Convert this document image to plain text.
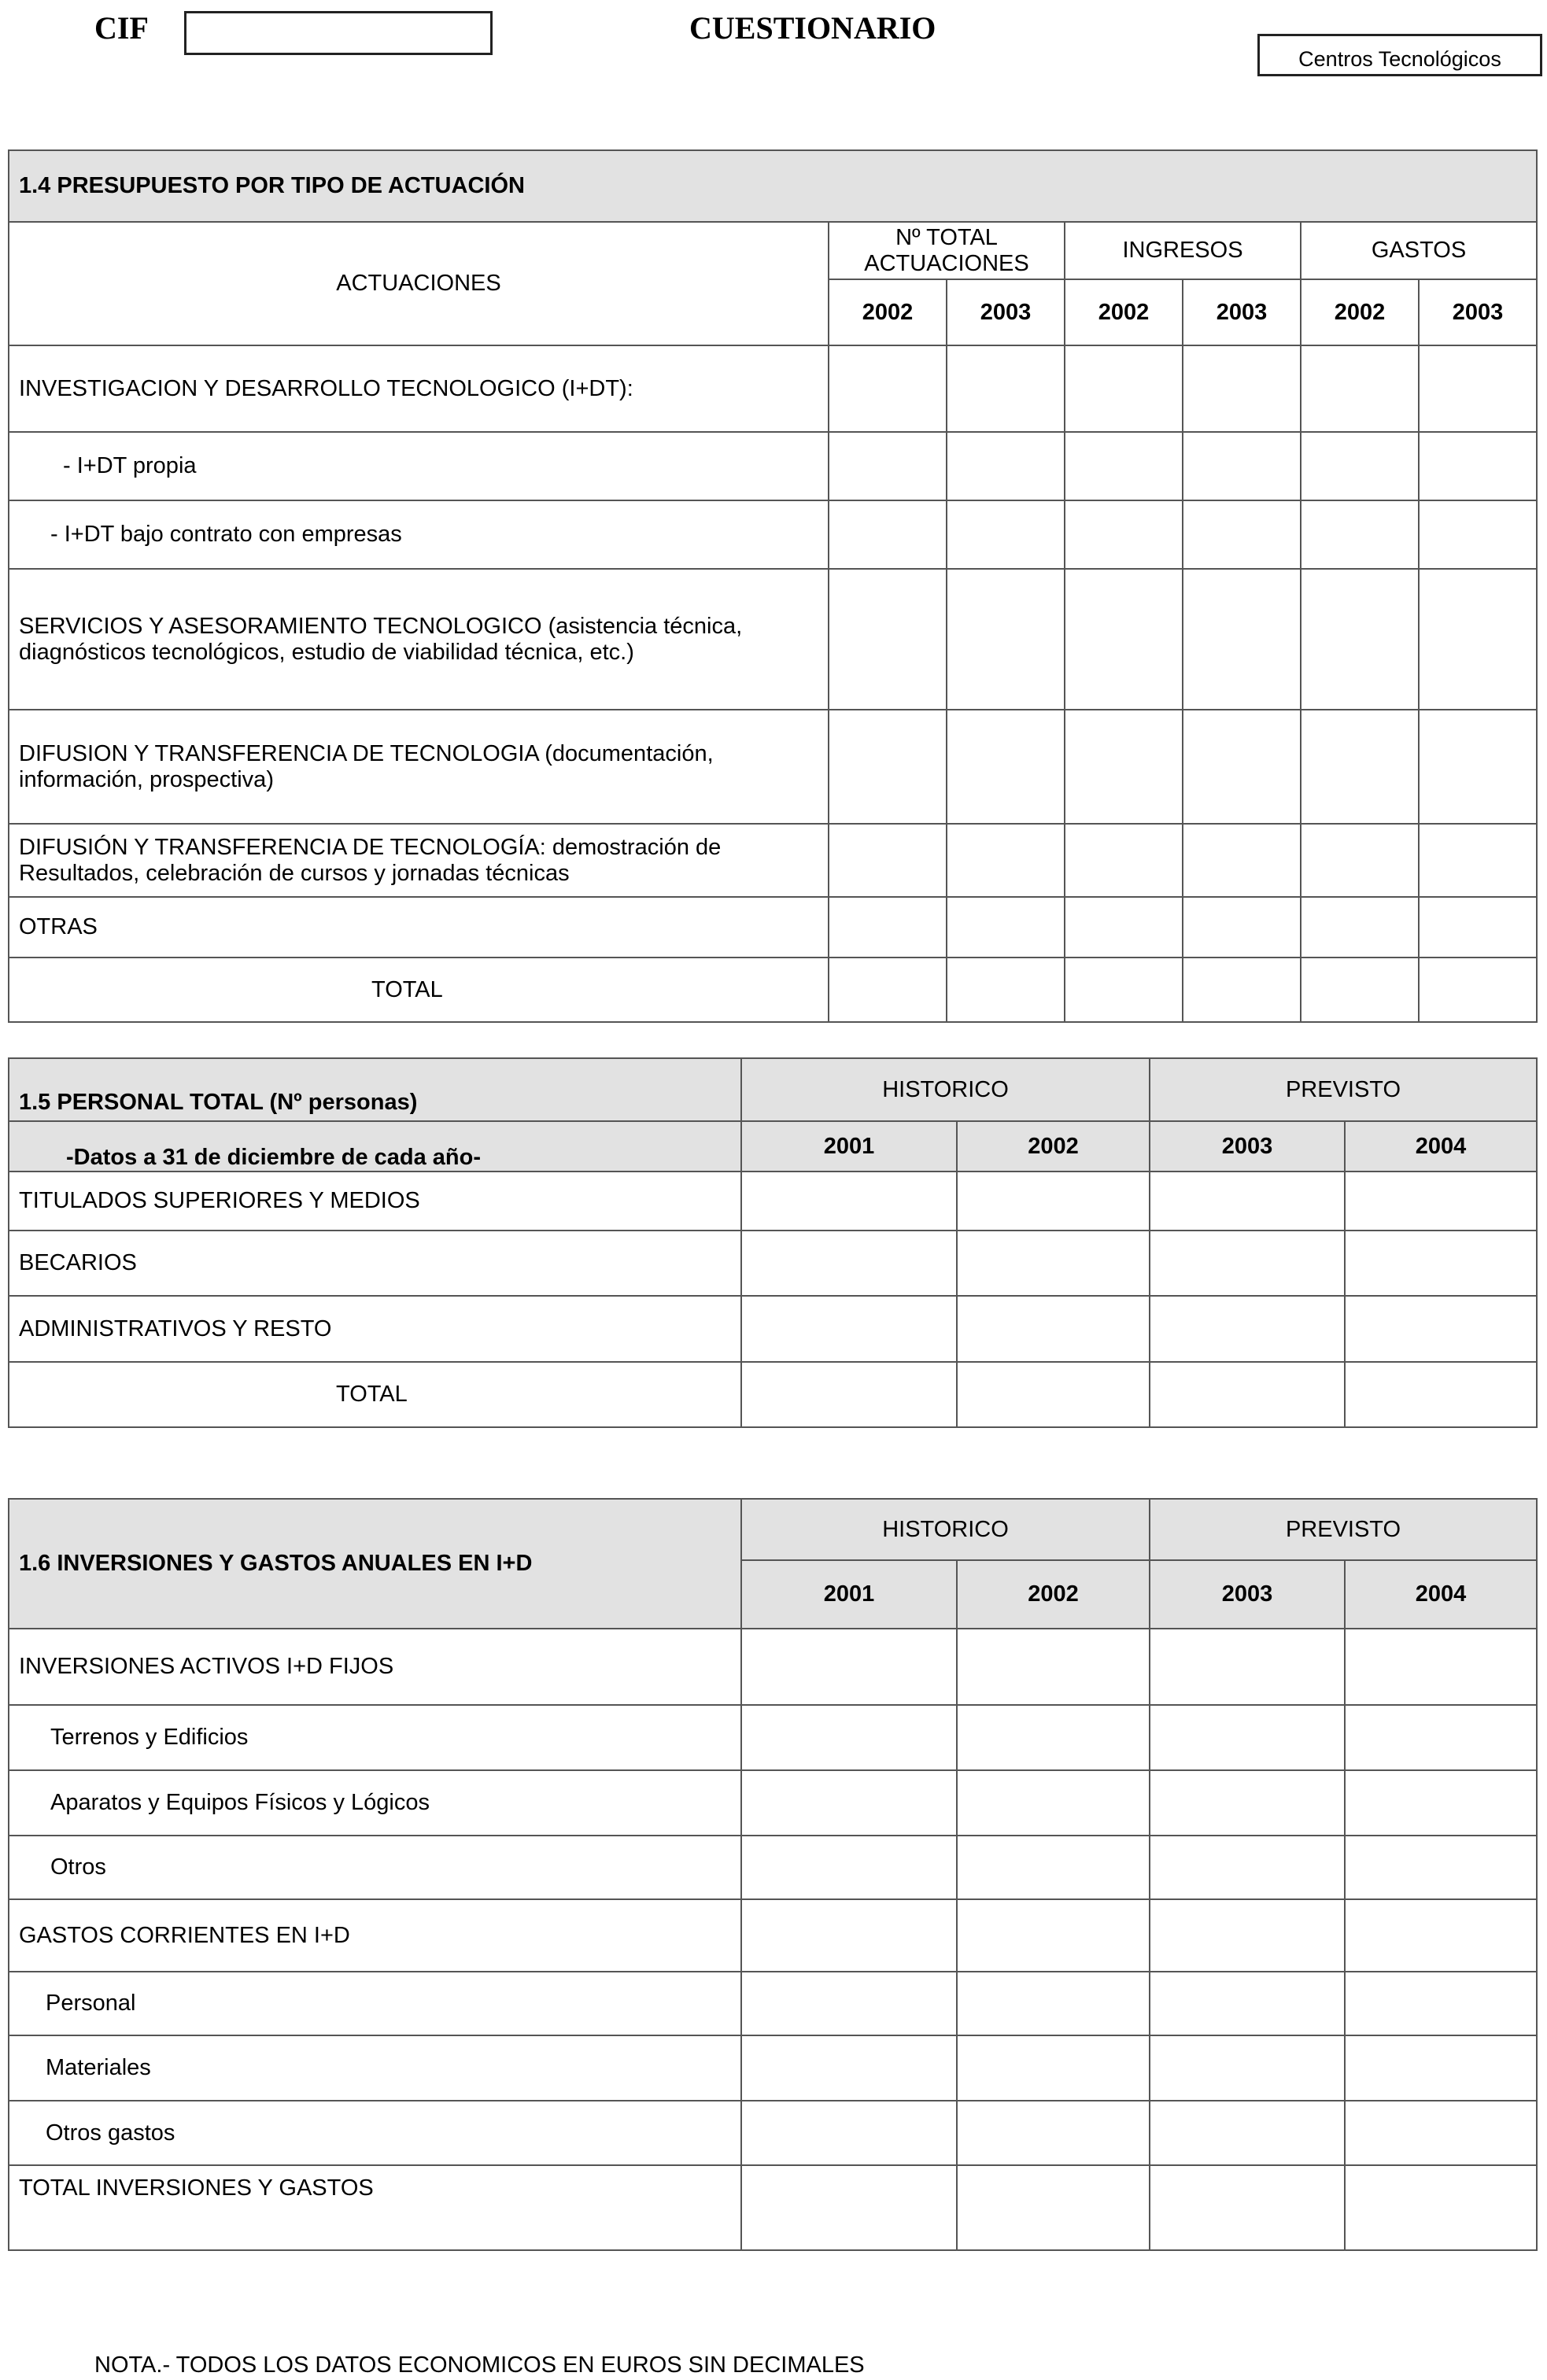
CIF	CUESTIONARIO
Centros Tecnológicos
1.4 PRESUPUESTO POR TIPO DE ACTUACIÓN						
ACTUACIONES	Nº TOTAL ACTUACIONES		INGRESOS		GASTOS	
	2002	2003	2002	2003	2002	2003
INVESTIGACION Y DESARROLLO TECNOLOGICO (I+DT):						
- I+DT propia						
- I+DT bajo contrato con empresas						
SERVICIOS Y ASESORAMIENTO TECNOLOGICO (asistencia técnica, diagnósticos tecnológicos, estudio de viabilidad técnica, etc.)						
DIFUSION Y TRANSFERENCIA DE TECNOLOGIA (documentación, información, prospectiva)						
DIFUSIÓN Y TRANSFERENCIA DE TECNOLOGÍA: demostración de Resultados, celebración de cursos y jornadas técnicas						
OTRAS						
TOTAL						
1.5 PERSONAL TOTAL (Nº personas)	HISTORICO		PREVISTO	
-Datos a 31 de diciembre de cada año-	2001	2002	2003	2004
TITULADOS SUPERIORES Y MEDIOS				
BECARIOS				
ADMINISTRATIVOS Y RESTO				
TOTAL				
1.6 INVERSIONES Y GASTOS ANUALES EN I+D	HISTORICO		PREVISTO	
	2001	2002	2003	2004
INVERSIONES ACTIVOS I+D FIJOS				
Terrenos y Edificios				
Aparatos y Equipos Físicos y Lógicos				
Otros				
GASTOS CORRIENTES EN I+D				
Personal				
Materiales				
Otros gastos				
TOTAL INVERSIONES Y GASTOS				
NOTA.- TODOS LOS DATOS ECONOMICOS EN EUROS SIN DECIMALES
